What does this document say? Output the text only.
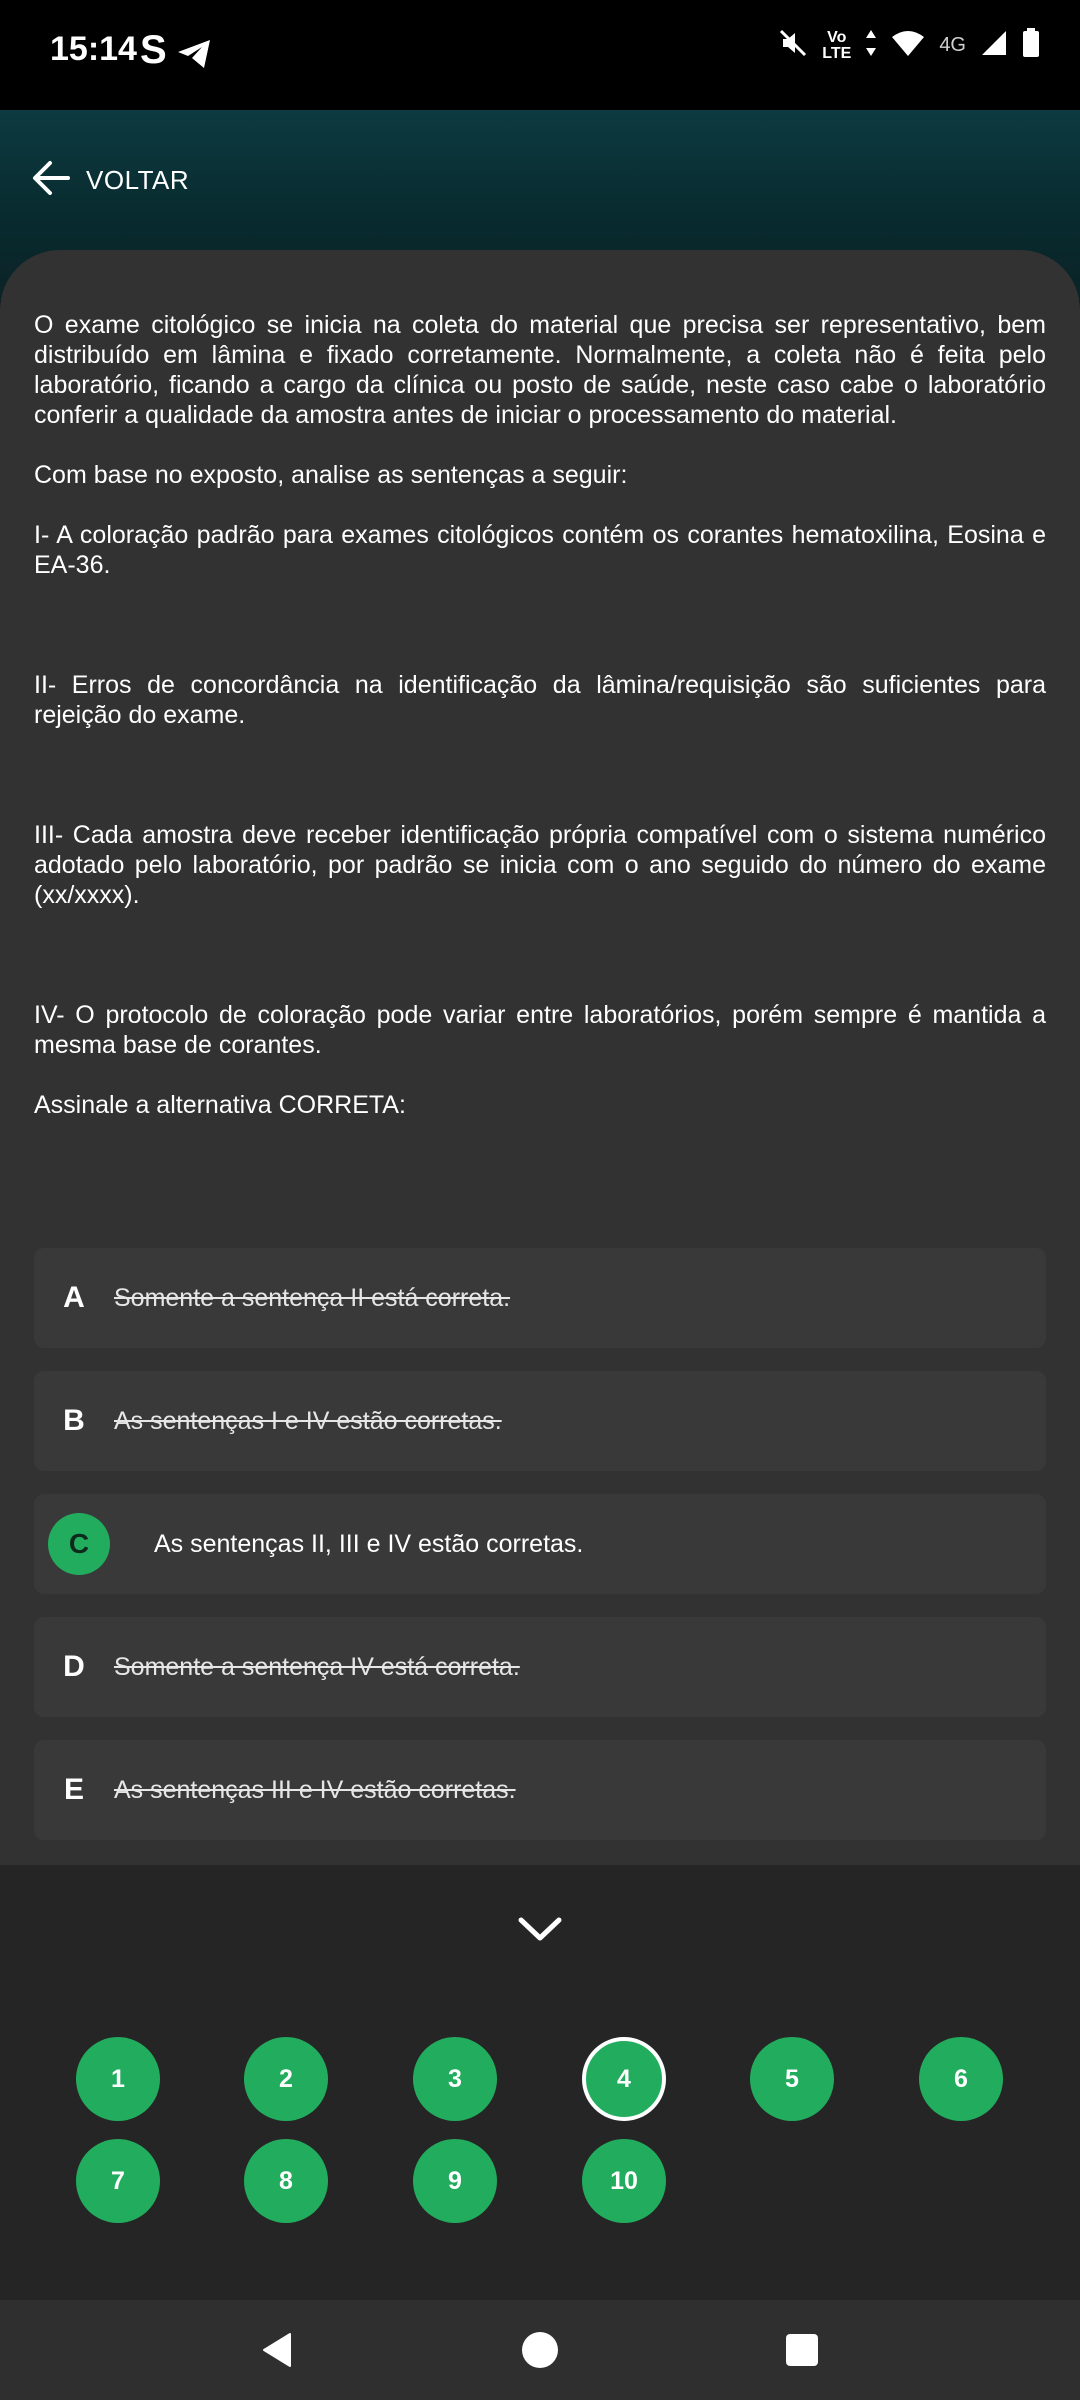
15:14 S	Vo
LTE	4G
VOLTAR

O exame citológico se inicia na coleta do material que precisa ser representativo, bem distribuído em lâmina e fixado corretamente. Normalmente, a coleta não é feita pelo laboratório, ficando a cargo da clínica ou posto de saúde, neste caso cabe o laboratório conferir a qualidade da amostra antes de iniciar o processamento do material.

Com base no exposto, analise as sentenças a seguir:

I- A coloração padrão para exames citológicos contém os corantes hematoxilina, Eosina e EA-36.

II- Erros de concordância na identificação da lâmina/requisição são suficientes para rejeição do exame.

III- Cada amostra deve receber identificação própria compatível com o sistema numérico adotado pelo laboratório, por padrão se inicia com o ano seguido do número do exame (xx/xxxx).

IV- O protocolo de coloração pode variar entre laboratórios, porém sempre é mantida a mesma base de corantes.

Assinale a alternativa CORRETA:

A	Somente a sentença II está correta.
B	As sentenças I e IV estão corretas.
C	As sentenças II, III e IV estão corretas.
D	Somente a sentença IV está correta.
E	As sentenças III e IV estão corretas.
1	2	3	4	5	6
7	8	9	10
